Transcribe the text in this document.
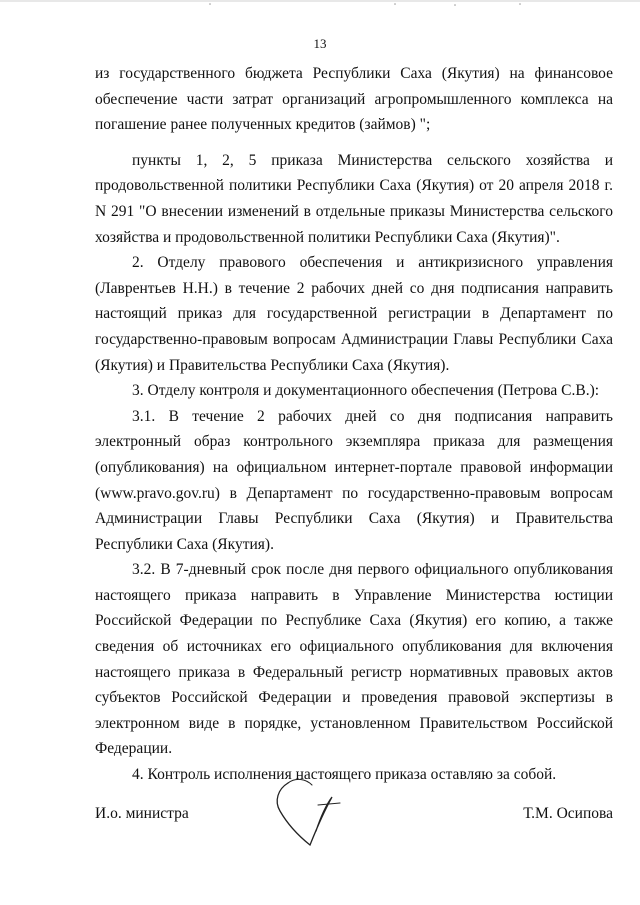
13

из государственного бюджета Республики Саха (Якутия) на финансовое обеспечение части затрат организаций агропромышленного комплекса на погашение ранее полученных кредитов (займов) ";

пункты 1, 2, 5 приказа Министерства сельского хозяйства и продовольственной политики Республики Саха (Якутия) от 20 апреля 2018 г. N 291 "О внесении изменений в отдельные приказы Министерства сельского хозяйства и продовольственной политики Республики Саха (Якутия)".

2. Отделу правового обеспечения и антикризисного управления (Лаврентьев Н.Н.) в течение 2 рабочих дней со дня подписания направить настоящий приказ для государственной регистрации в Департамент по государственно-правовым вопросам Администрации Главы Республики Саха (Якутия) и Правительства Республики Саха (Якутия).

3. Отделу контроля и документационного обеспечения (Петрова С.В.):

3.1. В течение 2 рабочих дней со дня подписания направить электронный образ контрольного экземпляра приказа для размещения (опубликования) на официальном интернет-портале правовой информации (www.pravo.gov.ru) в Департамент по государственно-правовым вопросам Администрации Главы Республики Саха (Якутия) и Правительства Республики Саха (Якутия).

3.2. В 7-дневный срок после дня первого официального опубликования настоящего приказа направить в Управление Министерства юстиции Российской Федерации по Республике Саха (Якутия) его копию, а также сведения об источниках его официального опубликования для включения настоящего приказа в Федеральный регистр нормативных правовых актов субъектов Российской Федерации и проведения правовой экспертизы в электронном виде в порядке, установленном Правительством Российской Федерации.

4. Контроль исполнения настоящего приказа оставляю за собой.

И.о. министра	Т.М. Осипова
